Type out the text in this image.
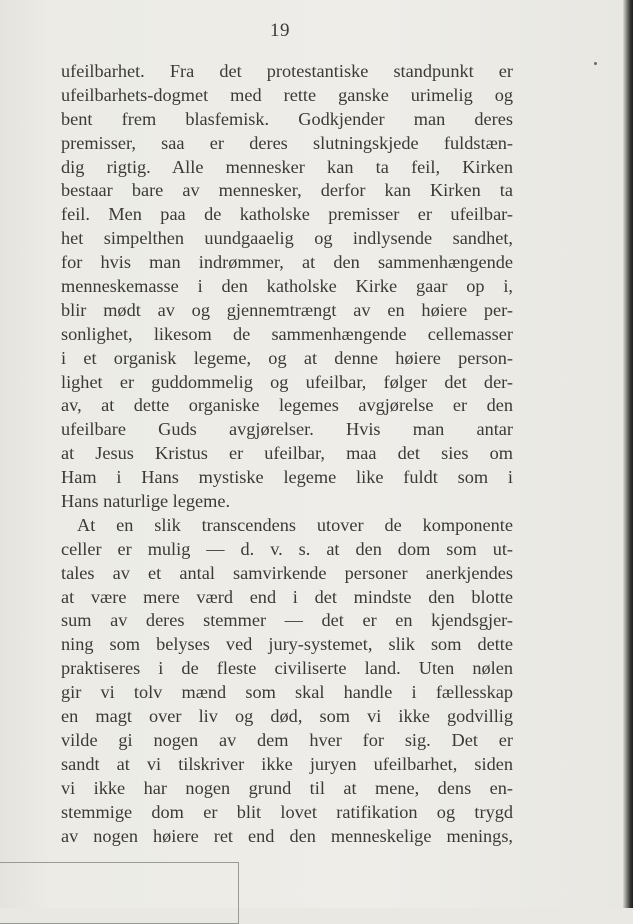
19
ufeilbarhet. Fra det protestantiske standpunkt er
ufeilbarhets-dogmet med rette ganske urimelig og
bent frem blasfemisk. Godkjender man deres
premisser, saa er deres slutningskjede fuldstæn-
dig rigtig. Alle mennesker kan ta feil, Kirken
bestaar bare av mennesker, derfor kan Kirken ta
feil. Men paa de katholske premisser er ufeilbar-
het simpelthen uundgaaelig og indlysende sandhet,
for hvis man indrømmer, at den sammenhængende
menneskemasse i den katholske Kirke gaar op i,
blir mødt av og gjennemtrængt av en høiere per-
sonlighet, likesom de sammenhængende cellemasser
i et organisk legeme, og at denne høiere person-
lighet er guddommelig og ufeilbar, følger det der-
av, at dette organiske legemes avgjørelse er den
ufeilbare Guds avgjørelser. Hvis man antar
at Jesus Kristus er ufeilbar, maa det sies om
Ham i Hans mystiske legeme like fuldt som i
Hans naturlige legeme.
At en slik transcendens utover de komponente
celler er mulig — d. v. s. at den dom som ut-
tales av et antal samvirkende personer anerkjendes
at være mere værd end i det mindste den blotte
sum av deres stemmer — det er en kjendsgjer-
ning som belyses ved jury-systemet, slik som dette
praktiseres i de fleste civiliserte land. Uten nølen
gir vi tolv mænd som skal handle i fællesskap
en magt over liv og død, som vi ikke godvillig
vilde gi nogen av dem hver for sig. Det er
sandt at vi tilskriver ikke juryen ufeilbarhet, siden
vi ikke har nogen grund til at mene, dens en-
stemmige dom er blit lovet ratifikation og trygd
av nogen høiere ret end den menneskelige menings,
